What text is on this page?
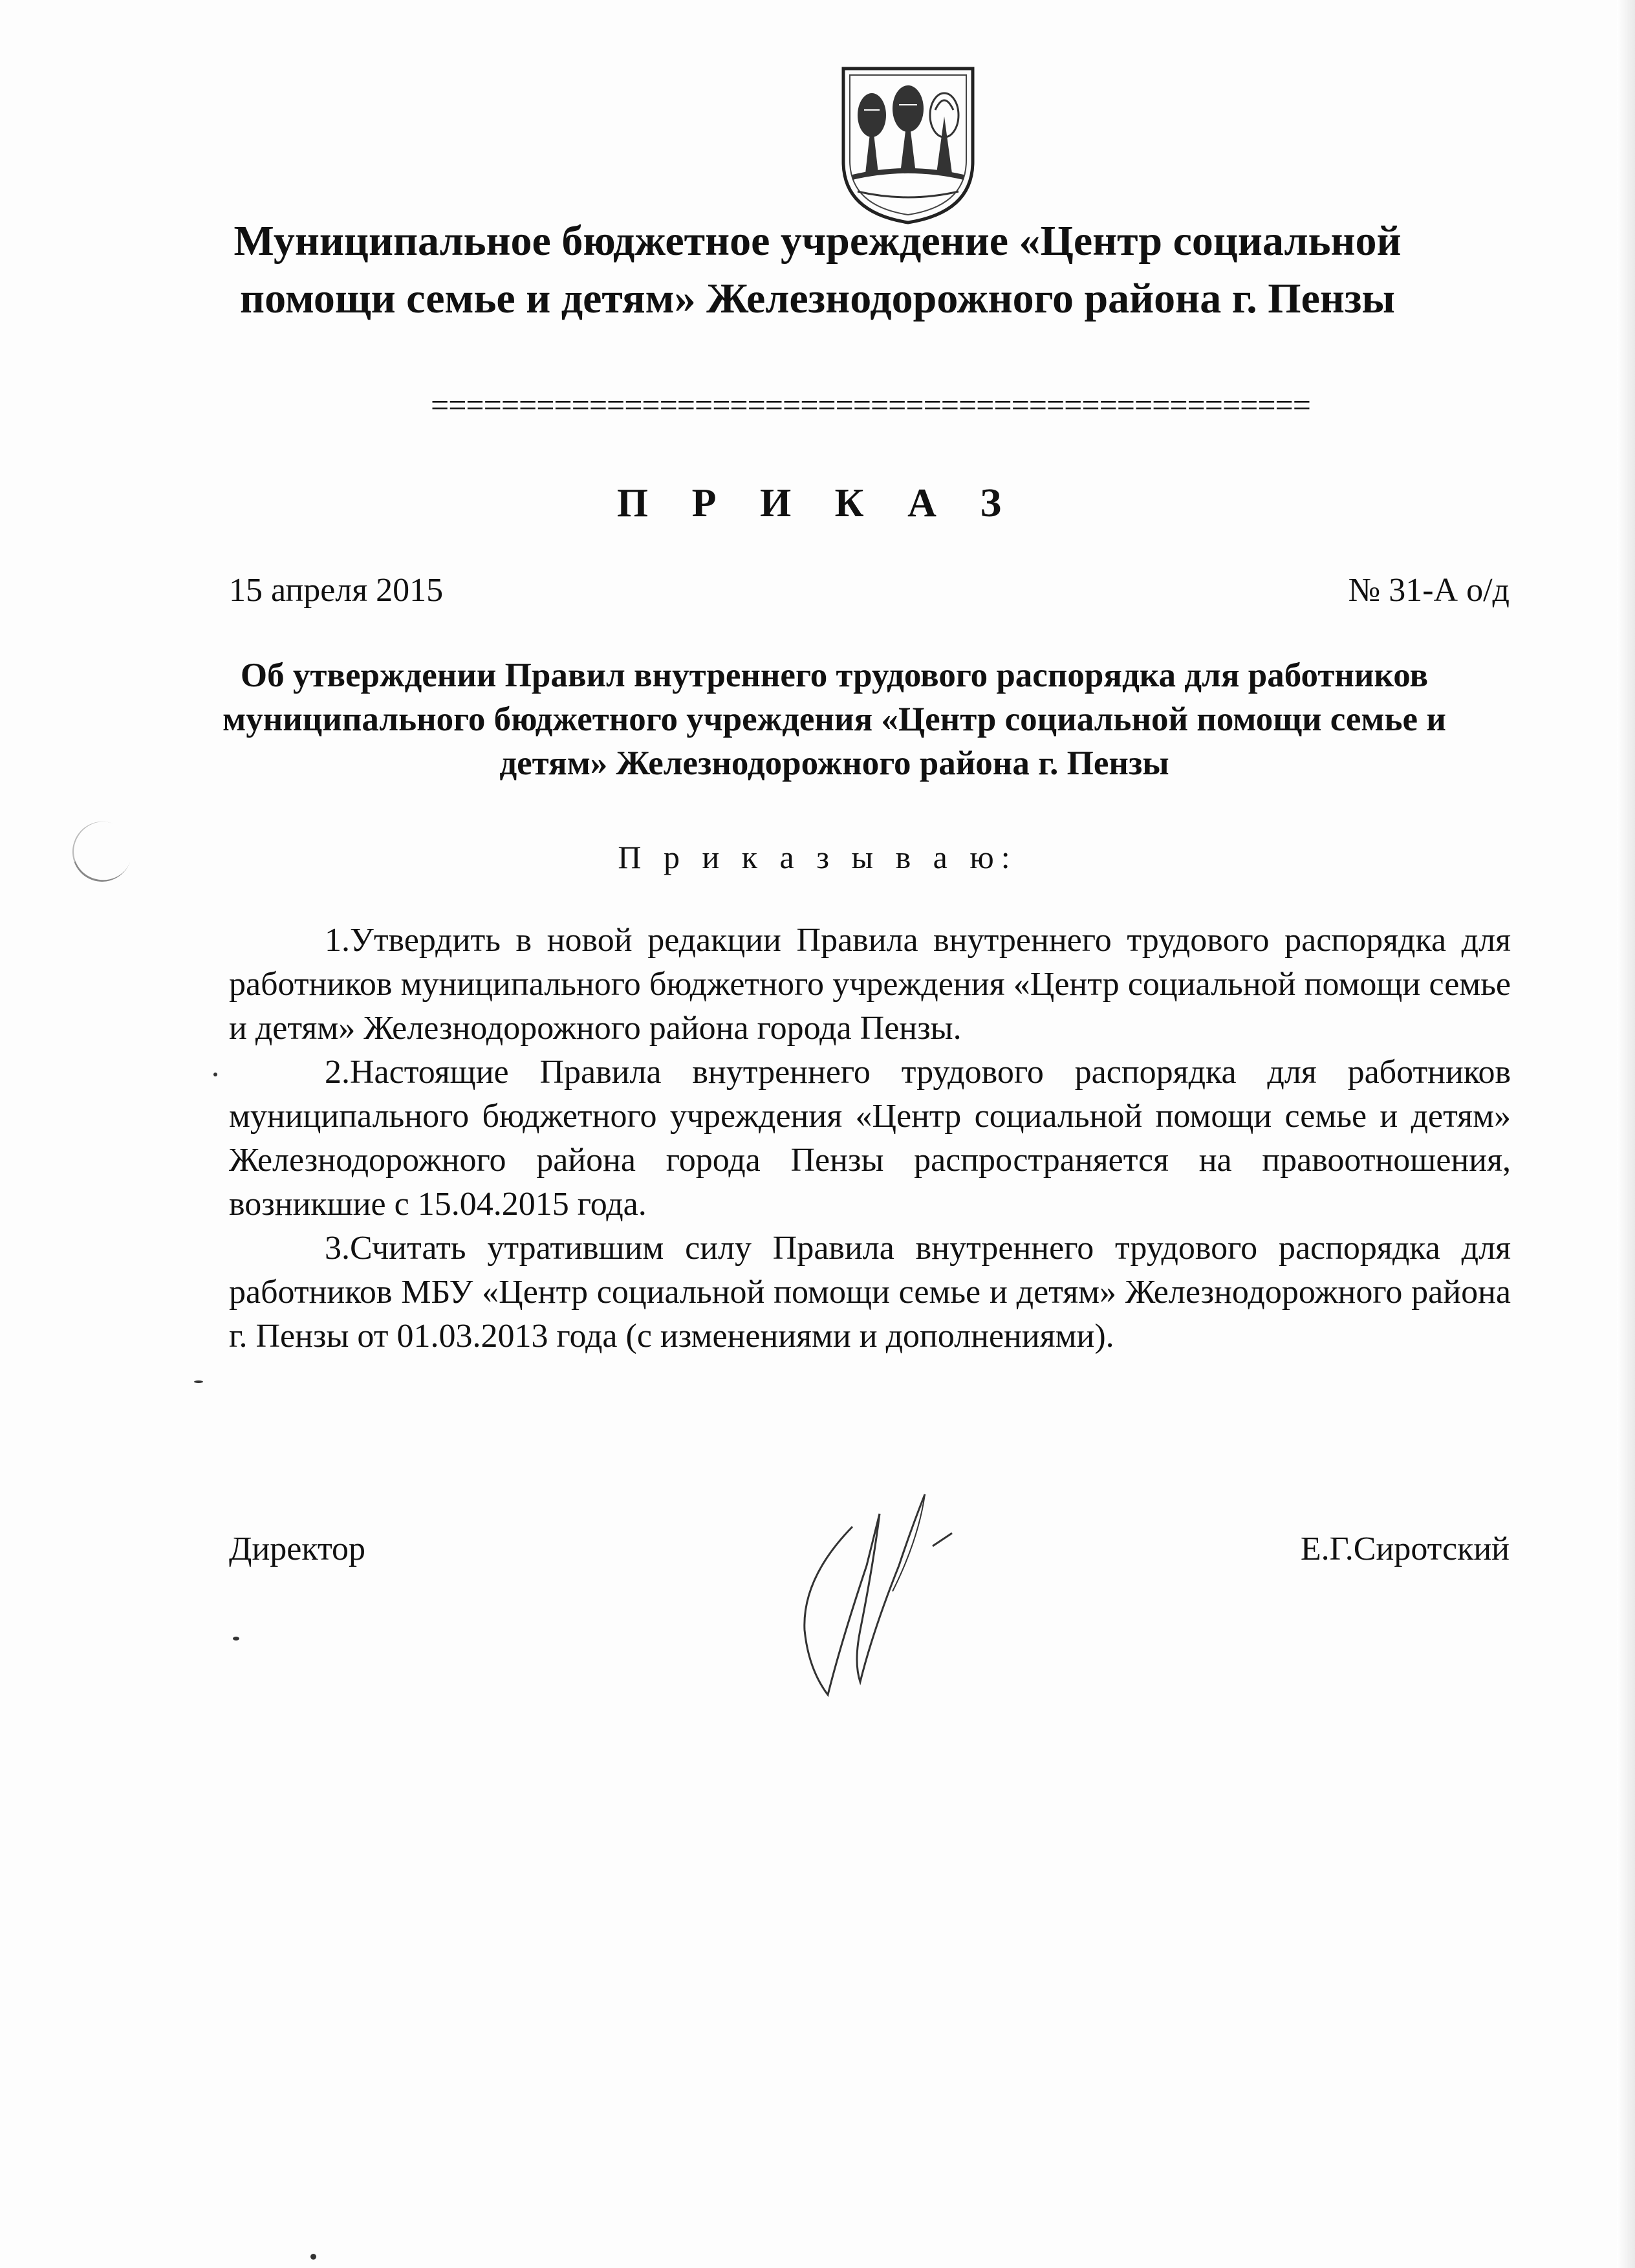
Муниципальное бюджетное учреждение «Центр социальной помощи семье и детям» Железнодорожного района г. Пензы
==================================================
П Р И К А З
15 апреля 2015	№ 31-А о/д
Об утверждении Правил внутреннего трудового распорядка для работников муниципального бюджетного учреждения «Центр социальной помощи семье и детям» Железнодорожного района г. Пензы
П р и к а з ы в а ю:

1.Утвердить в новой редакции Правила внутреннего трудового распорядка для работников муниципального бюджетного учреждения «Центр социальной помощи семье и детям» Железнодорожного района города Пензы.

2.Настоящие Правила внутреннего трудового распорядка для работников муниципального бюджетного учреждения «Центр социальной помощи семье и детям» Железнодорожного района города Пензы распространяется на правоотношения, возникшие с 15.04.2015 года.

3.Считать утратившим силу Правила внутреннего трудового распорядка для работников МБУ «Центр социальной помощи семье и детям» Железнодорожного района г. Пензы от 01.03.2013 года (с изменениями и дополнениями).

Директор	Е.Г.Сиротский
